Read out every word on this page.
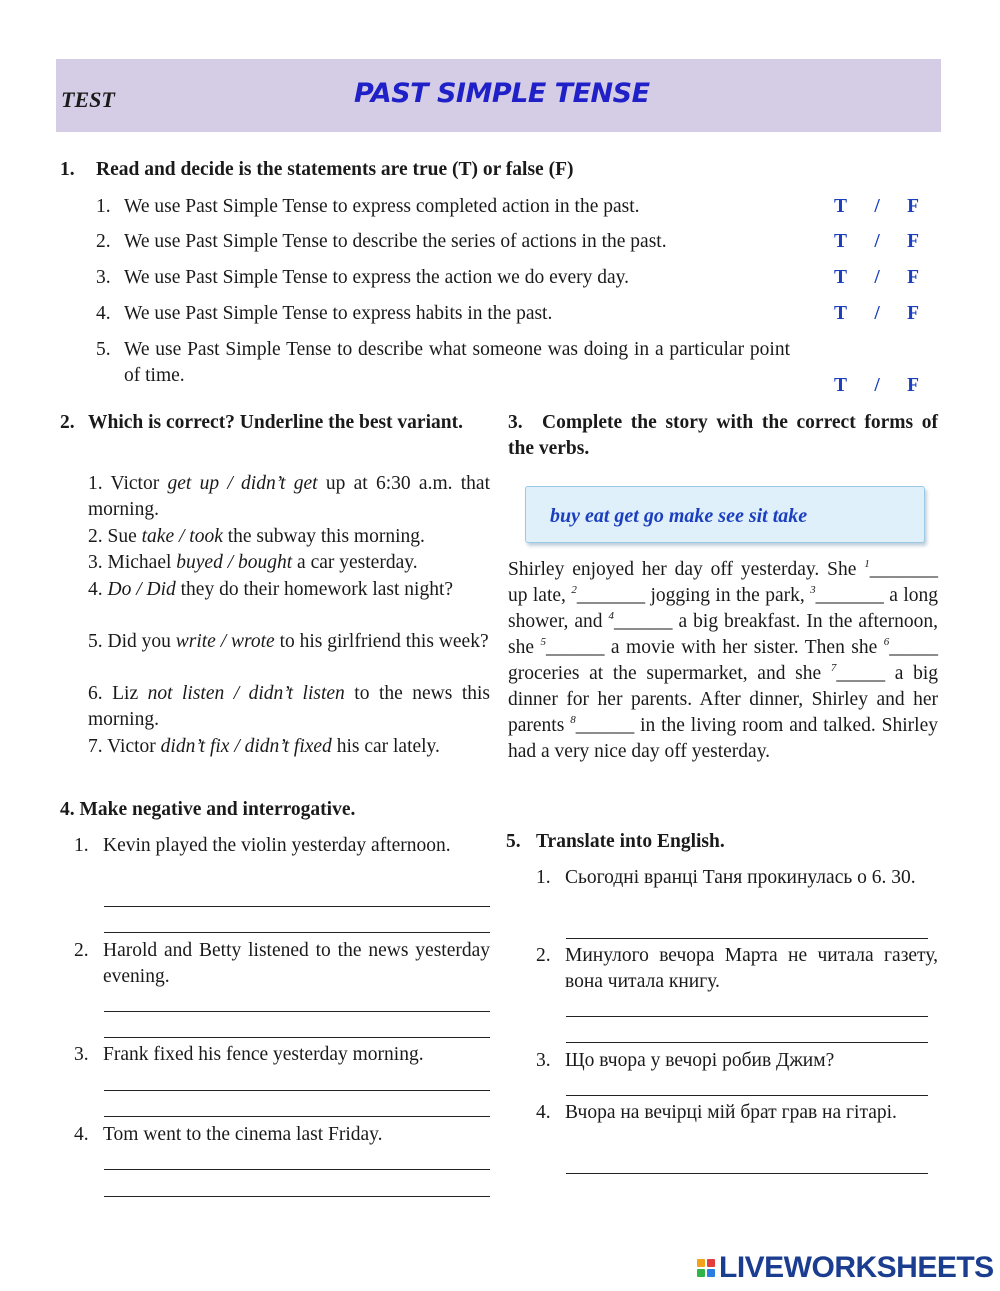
TEST	PAST SIMPLE TENSE
1. Read and decide is the statements are true (T) or false (F)
1. We use Past Simple Tense to express completed action in the past.	T / F
2. We use Past Simple Tense to describe the series of actions in the past.	T / F
3. We use Past Simple Tense to express the action we do every day.	T / F
4. We use Past Simple Tense to express habits in the past.	T / F
5. We use Past Simple Tense to describe what someone was doing in a particular point of time.	T / F
2. Which is correct? Underline the best variant.
1. Victor get up / didn’t get up at 6:30 a.m. that morning.
2. Sue take / took the subway this morning.
3. Michael buyed / bought a car yesterday.
4. Do / Did they do their homework last night?
5. Did you write / wrote to his girlfriend this week?
6. Liz not listen / didn’t listen to the news this morning.
7. Victor didn’t fix / didn’t fixed his car lately.
3. Complete the story with the correct forms of the verbs.
buy eat get go make see sit take
Shirley enjoyed her day off yesterday. She $^1$_______ up late, $^2$_______ jogging in the park, $^3$_______ a long shower, and $^4$______ a big breakfast. In the afternoon, she $^5$______ a movie with her sister. Then she $^6$_____ groceries at the supermarket, and she $^7$_____ a big dinner for her parents. After dinner, Shirley and her parents $^8$______ in the living room and talked. Shirley had a very nice day off yesterday.
4. Make negative and interrogative.
1. Kevin played the violin yesterday afternoon.
2. Harold and Betty listened to the news yesterday evening.
3. Frank fixed his fence yesterday morning.
4. Tom went to the cinema last Friday.
5. Translate into English.
1. Сьогодні вранці Таня прокинулась о 6. 30.
2. Минулого вечора Марта не читала газету, вона читала книгу.
3. Що вчора у вечорі робив Джим?
4. Вчора на вечірці мій брат грав на гітарі.
LIVEWORKSHEETS
